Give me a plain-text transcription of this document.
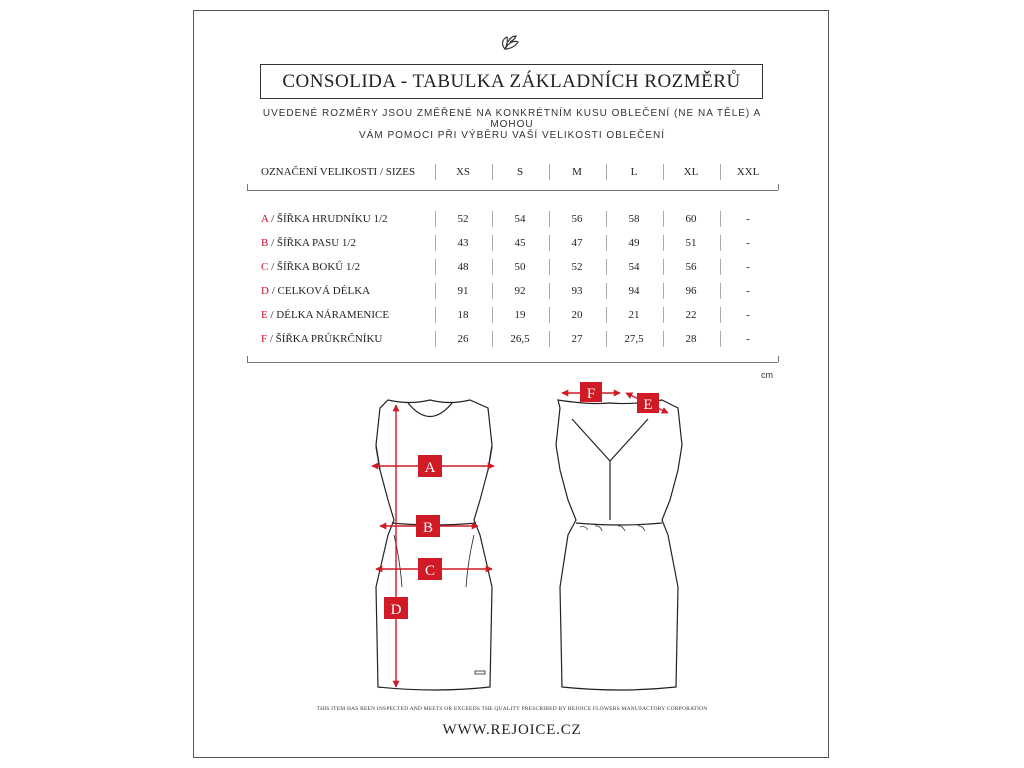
CONSOLIDA - TABULKA ZÁKLADNÍCH ROZMĚRŮ
UVEDENÉ ROZMĚRY JSOU ZMĚŘENÉ NA KONKRÉTNÍM KUSU OBLEČENÍ (NE NA TĚLE) A MOHOU
VÁM POMOCI PŘI VÝBĚRU VAŠÍ VELIKOSTI OBLEČENÍ
OZNAČENÍ VELIKOSTI / SIZES	XS	S	M	L	XL	XXL
A / ŠÍŘKA HRUDNÍKU 1/2	52	54	56	58	60	-
B / ŠÍŘKA PASU 1/2	43	45	47	49	51	-
C / ŠÍŘKA BOKŮ 1/2	48	50	52	54	56	-
D / CELKOVÁ DÉLKA	91	92	93	94	96	-
E / DÉLKA NÁRAMENICE	18	19	20	21	22	-
F / ŠÍŘKA PRŮKRČNÍKU	26	26,5	27	27,5	28	-
cm
A
B
C
D
F
E
THIS ITEM HAS BEEN INSPECTED AND MEETS OR EXCEEDS THE QUALITY PRESCRIBED BY REJOICE FLOWERS MANUFACTORY CORPORATION
WWW.REJOICE.CZ
